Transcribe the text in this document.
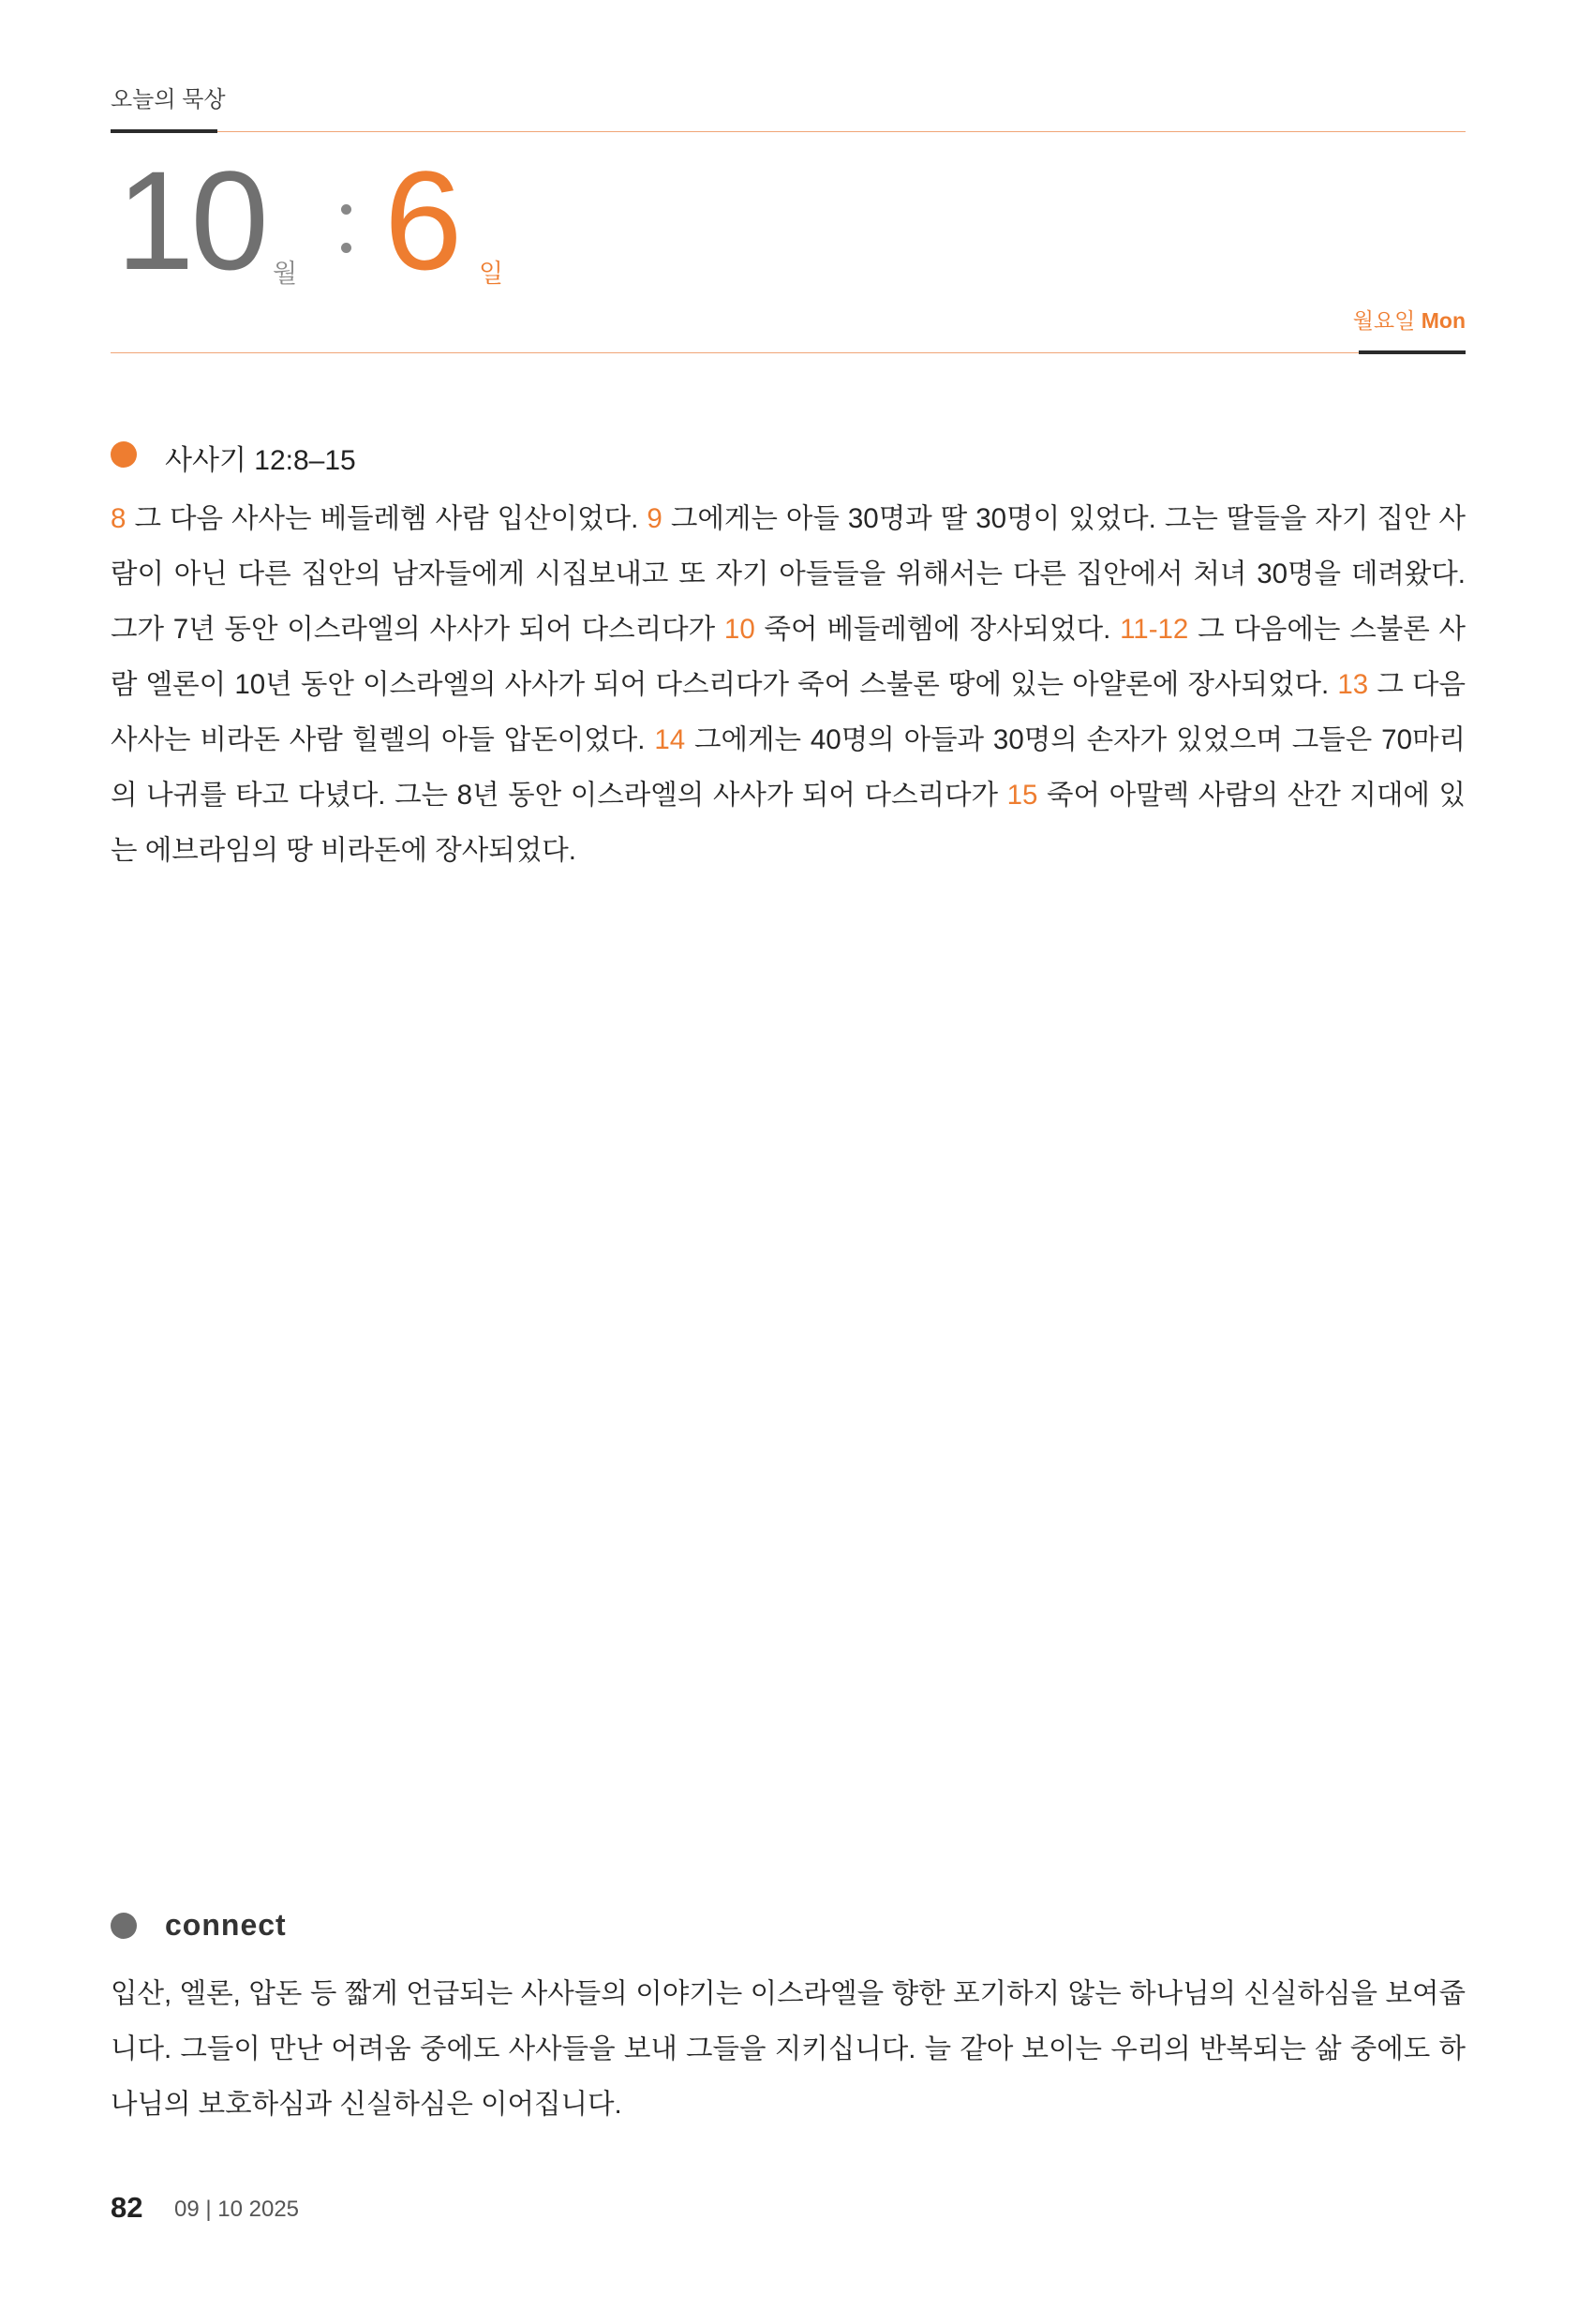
오늘의 묵상
10 월 6 일
월요일 Mon
사사기 12:8–15

8 그 다음 사사는 베들레헴 사람 입산이었다. 9 그에게는 아들 30명과 딸 30명이 있었다. 그는 딸들을 자기 집안 사람이 아닌 다른 집안의 남자들에게 시집보내고 또 자기 아들들을 위해서는 다른 집안에서 처녀 30명을 데려왔다. 그가 7년 동안 이스라엘의 사사가 되어 다스리다가 10 죽어 베들레헴에 장사되었다. 11-12 그 다음에는 스불론 사람 엘론이 10년 동안 이스라엘의 사사가 되어 다스리다가 죽어 스불론 땅에 있는 아얄론에 장사되었다. 13 그 다음 사사는 비라돈 사람 힐렐의 아들 압돈이었다. 14 그에게는 40명의 아들과 30명의 손자가 있었으며 그들은 70마리의 나귀를 타고 다녔다. 그는 8년 동안 이스라엘의 사사가 되어 다스리다가 15 죽어 아말렉 사람의 산간 지대에 있는 에브라임의 땅 비라돈에 장사되었다.

connect

입산, 엘론, 압돈 등 짧게 언급되는 사사들의 이야기는 이스라엘을 향한 포기하지 않는 하나님의 신실하심을 보여줍니다. 그들이 만난 어려움 중에도 사사들을 보내 그들을 지키십니다. 늘 같아 보이는 우리의 반복되는 삶 중에도 하나님의 보호하심과 신실하심은 이어집니다.

82 09 | 10 2025
